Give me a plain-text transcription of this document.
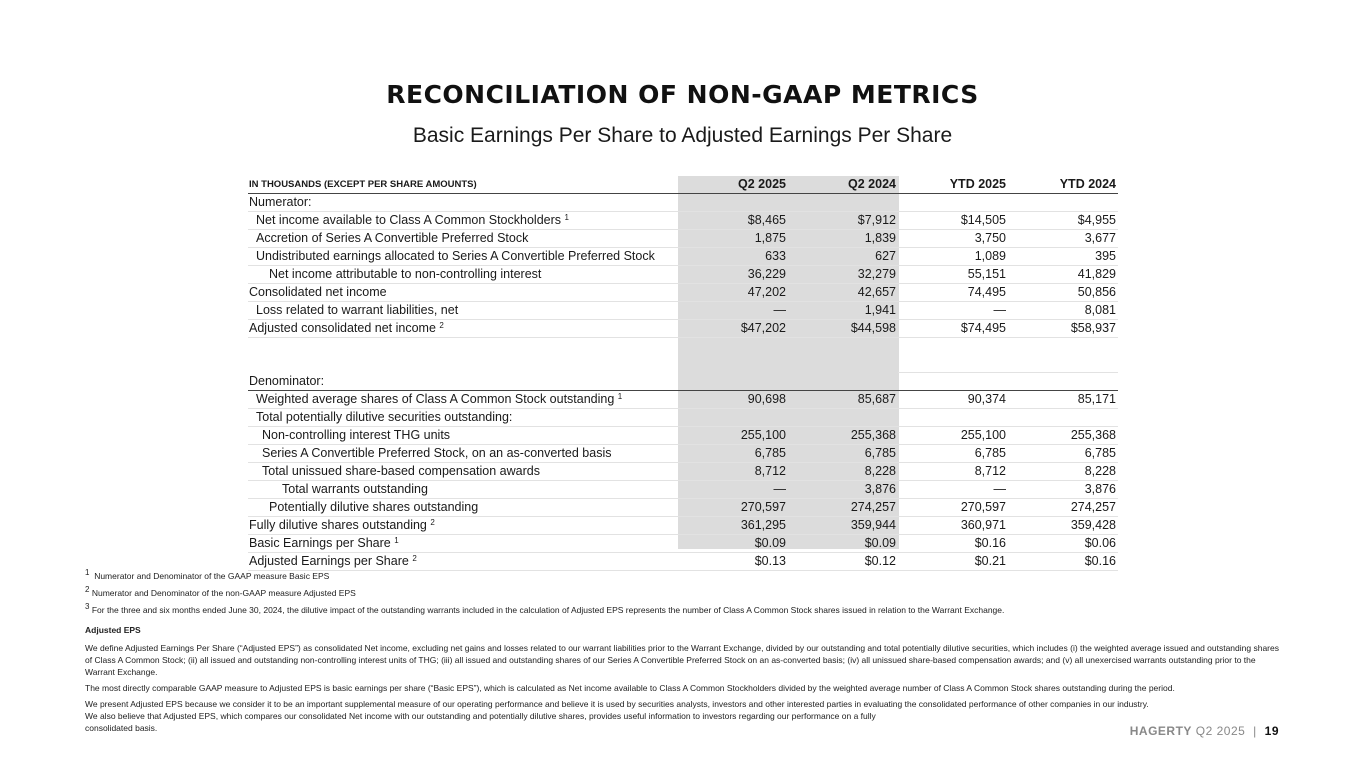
RECONCILIATION OF NON-GAAP METRICS
Basic Earnings Per Share to Adjusted Earnings Per Share
IN THOUSANDS (EXCEPT PER SHARE AMOUNTS)	Q2 2025	Q2 2024	YTD 2025	YTD 2024
Numerator:				
Net income available to Class A Common Stockholders $^1$	$8,465	$7,912	$14,505	$4,955
Accretion of Series A Convertible Preferred Stock	1,875	1,839	3,750	3,677
Undistributed earnings allocated to Series A Convertible Preferred Stock	633	627	1,089	395
Net income attributable to non-controlling interest	36,229	32,279	55,151	41,829
Consolidated net income	47,202	42,657	74,495	50,856
Loss related to warrant liabilities, net	—	1,941	—	8,081
Adjusted consolidated net income $^2$	$47,202	$44,598	$74,495	$58,937

Denominator:				
Weighted average shares of Class A Common Stock outstanding $^1$	90,698	85,687	90,374	85,171
Total potentially dilutive securities outstanding:				
Non-controlling interest THG units	255,100	255,368	255,100	255,368
Series A Convertible Preferred Stock, on an as-converted basis	6,785	6,785	6,785	6,785
Total unissued share-based compensation awards	8,712	8,228	8,712	8,228
Total warrants outstanding	—	3,876	—	3,876
Potentially dilutive shares outstanding	270,597	274,257	270,597	274,257
Fully dilutive shares outstanding $^2$	361,295	359,944	360,971	359,428
Basic Earnings per Share $^1$	$0.09	$0.09	$0.16	$0.06
Adjusted Earnings per Share $^2$	$0.13	$0.12	$0.21	$0.16

$^1$ Numerator and Denominator of the GAAP measure Basic EPS

$^2$ Numerator and Denominator of the non-GAAP measure Adjusted EPS

$^3$ For the three and six months ended June 30, 2024, the dilutive impact of the outstanding warrants included in the calculation of Adjusted EPS represents the number of Class A Common Stock shares issued in relation to the Warrant Exchange.

Adjusted EPS

We define Adjusted Earnings Per Share (“Adjusted EPS”) as consolidated Net income, excluding net gains and losses related to our warrant liabilities prior to the Warrant Exchange, divided by our outstanding and total potentially dilutive securities, which includes (i) the weighted average issued and outstanding shares of Class A Common Stock; (ii) all issued and outstanding non-controlling interest units of THG; (iii) all issued and outstanding shares of our Series A Convertible Preferred Stock on an as-converted basis; (iv) all unissued share-based compensation awards; and (v) all unexercised warrants outstanding prior to the Warrant Exchange.

The most directly comparable GAAP measure to Adjusted EPS is basic earnings per share (“Basic EPS”), which is calculated as Net income available to Class A Common Stockholders divided by the weighted average number of Class A Common Stock shares outstanding during the period.

We present Adjusted EPS because we consider it to be an important supplemental measure of our operating performance and believe it is used by securities analysts, investors and other interested parties in evaluating the consolidated performance of other companies in our industry.
We also believe that Adjusted EPS, which compares our consolidated Net income with our outstanding and potentially dilutive shares, provides useful information to investors regarding our performance on a fully
consolidated basis.	HAGERTY Q2 2025 | 19
